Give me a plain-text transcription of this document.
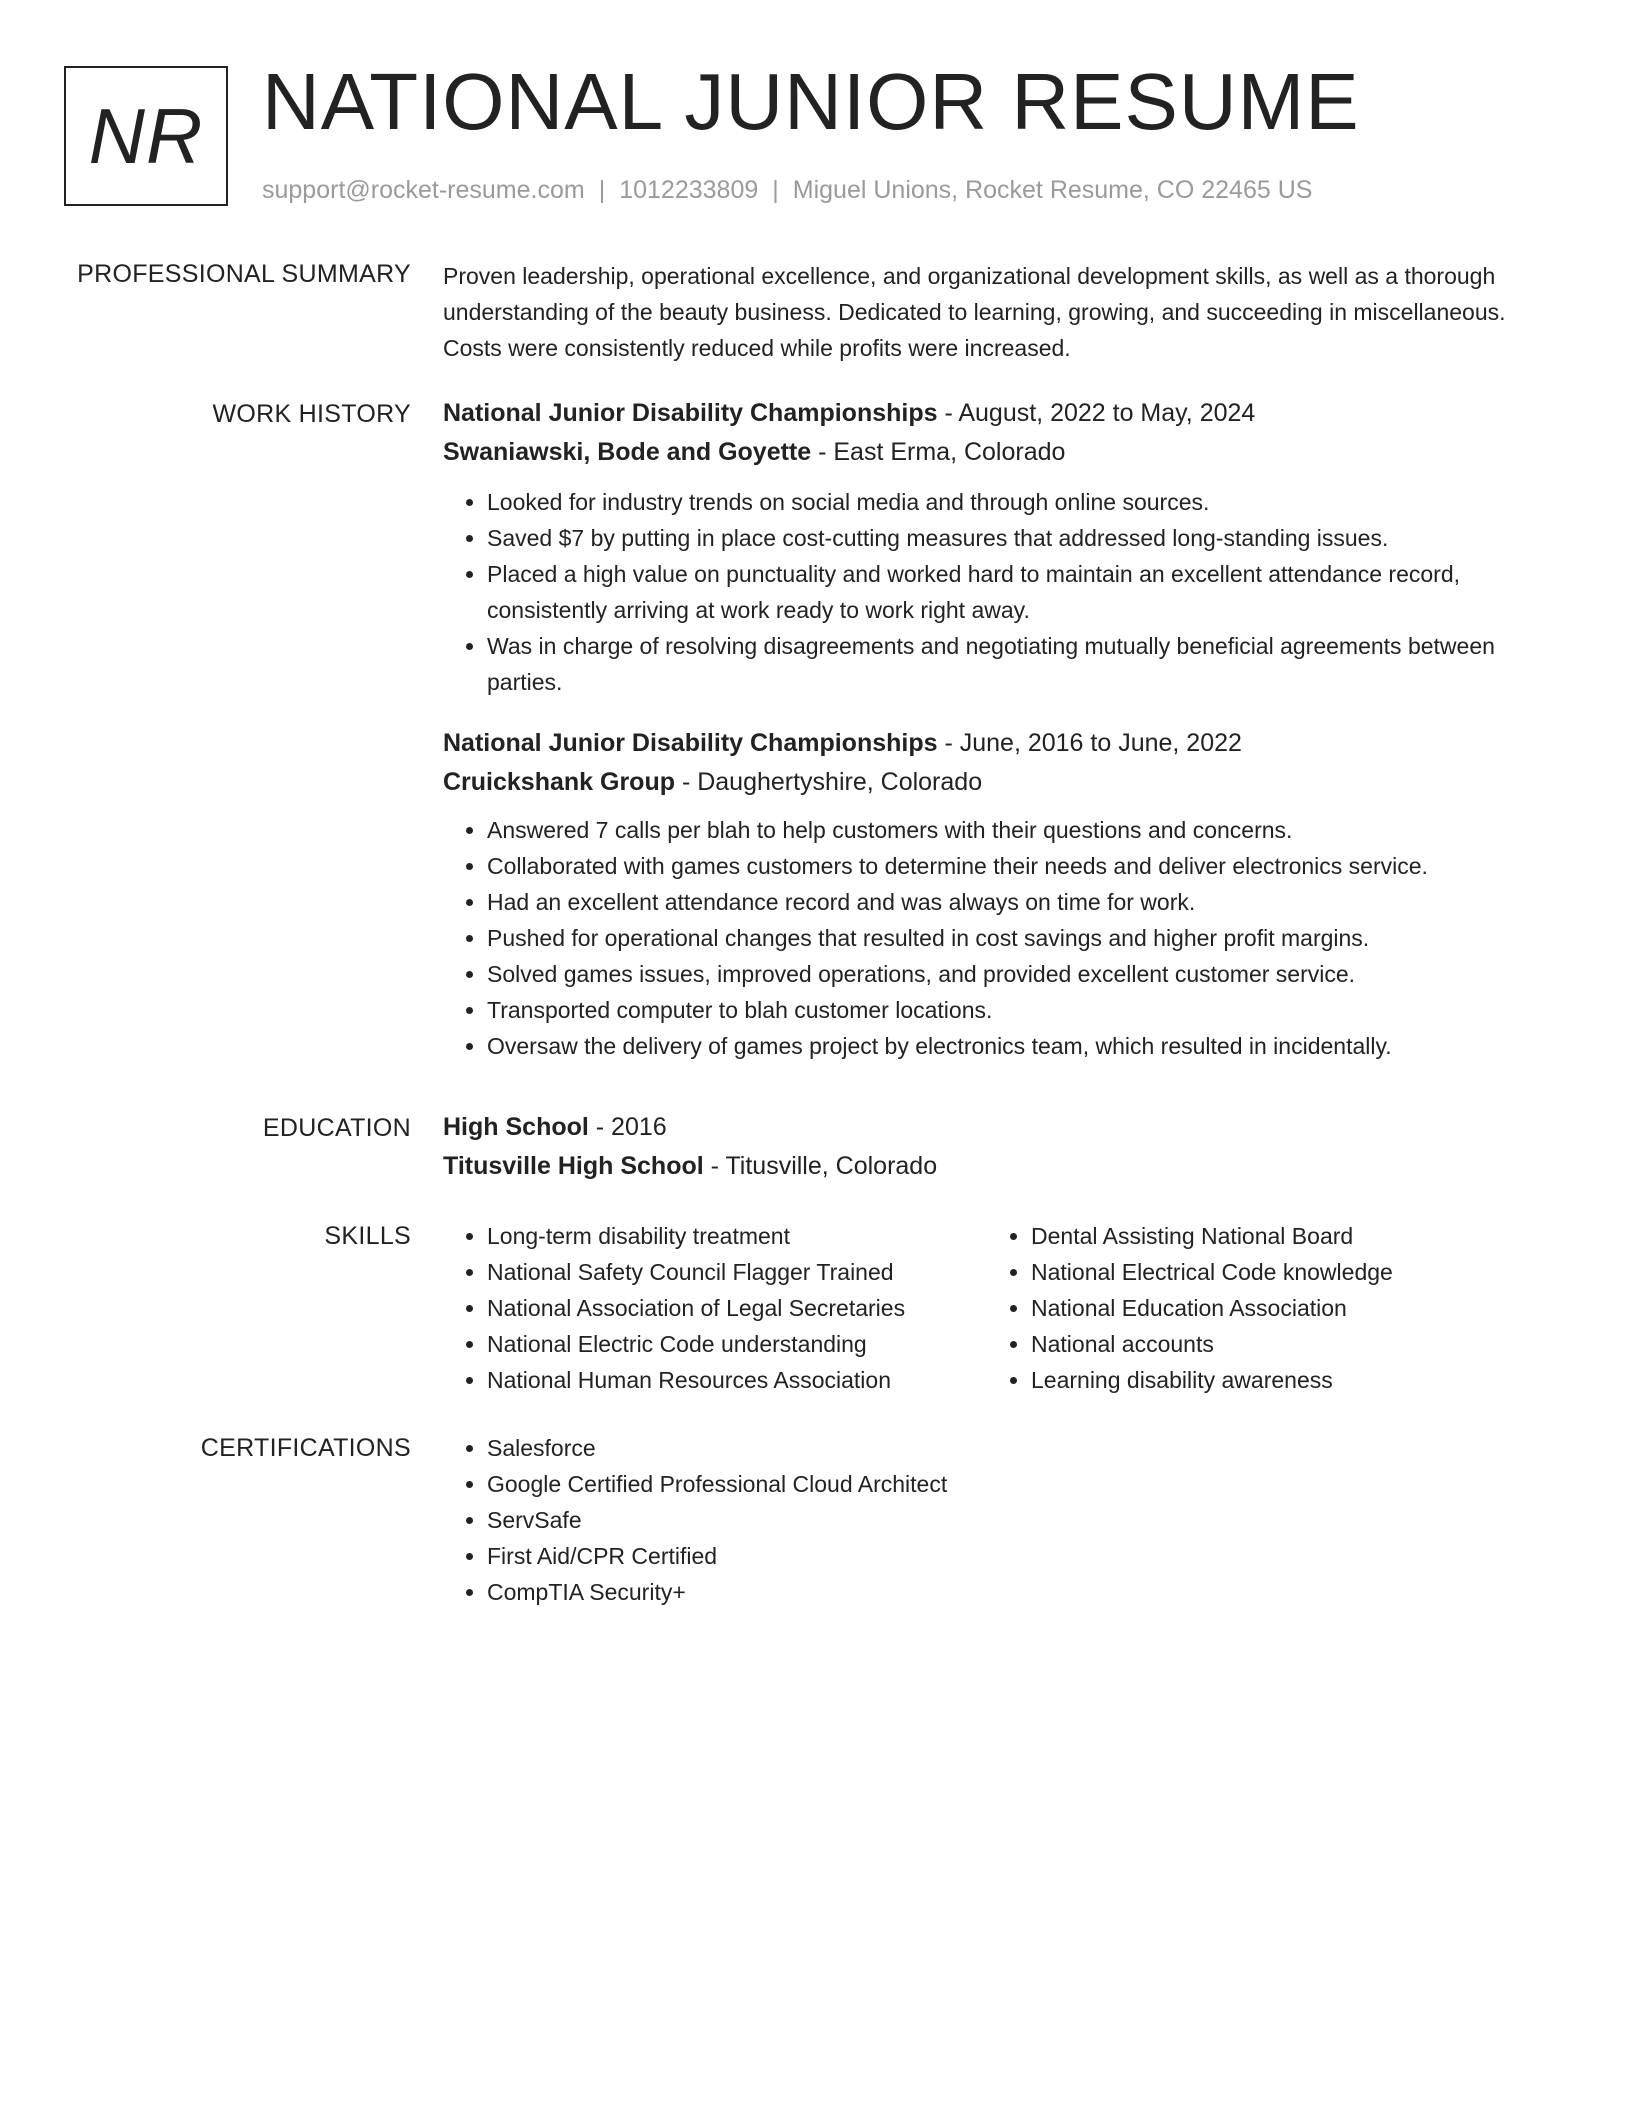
NR NATIONAL JUNIOR RESUME
support@rocket-resume.com | 1012233809 | Miguel Unions, Rocket Resume, CO 22465 US
PROFESSIONAL SUMMARY Proven leadership, operational excellence, and organizational development skills, as well as a thorough understanding of the beauty business. Dedicated to learning, growing, and succeeding in miscellaneous. Costs were consistently reduced while profits were increased.

WORK HISTORY National Junior Disability Championships - August, 2022 to May, 2024
Swaniawski, Bode and Goyette - East Erma, Colorado
• Looked for industry trends on social media and through online sources.
• Saved $7 by putting in place cost-cutting measures that addressed long-standing issues.
• Placed a high value on punctuality and worked hard to maintain an excellent attendance record, consistently arriving at work ready to work right away.
• Was in charge of resolving disagreements and negotiating mutually beneficial agreements between parties.
National Junior Disability Championships - June, 2016 to June, 2022
Cruickshank Group - Daughertyshire, Colorado
• Answered 7 calls per blah to help customers with their questions and concerns.
• Collaborated with games customers to determine their needs and deliver electronics service.
• Had an excellent attendance record and was always on time for work.
• Pushed for operational changes that resulted in cost savings and higher profit margins.
• Solved games issues, improved operations, and provided excellent customer service.
• Transported computer to blah customer locations.
• Oversaw the delivery of games project by electronics team, which resulted in incidentally.
EDUCATION High School - 2016
Titusville High School - Titusville, Colorado
SKILLS	• Long-term disability treatment
• National Safety Council Flagger Trained
• National Association of Legal Secretaries
• National Electric Code understanding
• National Human Resources Association
• Dental Assisting National Board
• National Electrical Code knowledge
• National Education Association
• National accounts
• Learning disability awareness
CERTIFICATIONS	• Salesforce
• Google Certified Professional Cloud Architect
• ServSafe
• First Aid/CPR Certified
• CompTIA Security+
